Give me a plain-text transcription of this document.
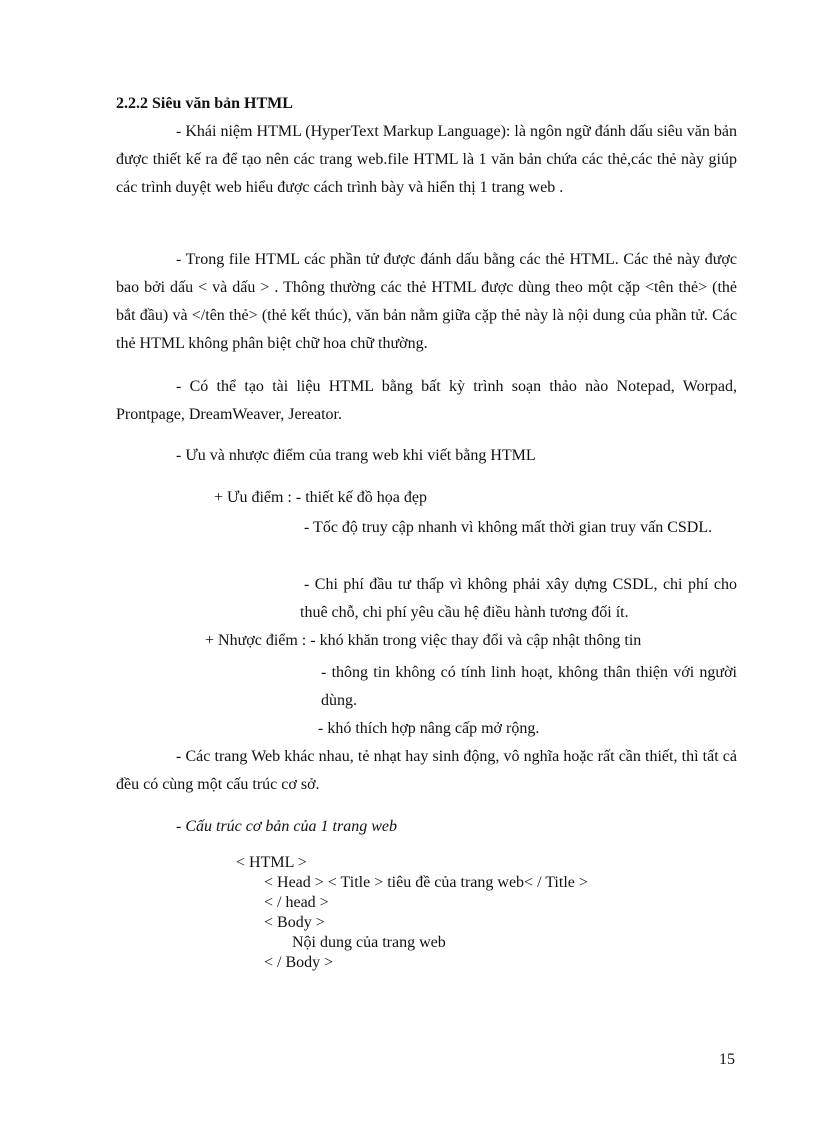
2.2.2 Siêu văn bản HTML
- Khái niệm HTML (HyperText Markup Language): là ngôn ngữ đánh dấu siêu văn bản được thiết kế ra để tạo nên các trang web.file HTML là 1 văn bản chứa các thẻ,các thẻ này giúp các trình duyệt web hiểu được cách trình bày và hiển thị 1 trang web .
- Trong file HTML các phần tử được đánh dấu bằng các thẻ HTML. Các thẻ này được bao bởi dấu < và dấu > . Thông thường các thẻ HTML được dùng theo một cặp <tên thẻ> (thẻ bắt đầu) và </tên thẻ> (thẻ kết thúc), văn bản nằm giữa cặp thẻ này là nội dung của phần tử. Các thẻ HTML không phân biệt chữ hoa chữ thường.
- Có thể tạo tài liệu HTML bằng bất kỳ trình soạn thảo nào Notepad, Worpad, Prontpage, DreamWeaver, Jereator.
- Ưu và nhược điểm của trang web khi viết bằng HTML
+ Ưu điểm : - thiết kế đồ họa đẹp
- Tốc độ truy cập nhanh vì không mất thời gian truy vấn CSDL.
- Chi phí đầu tư thấp vì không phải xây dựng CSDL, chi phí cho thuê chỗ, chi phí yêu cầu hệ điều hành tương đối ít.
+ Nhược điểm : - khó khăn trong việc thay đổi và cập nhật thông tin
- thông tin không có tính linh hoạt, không thân thiện với người dùng.
- khó thích hợp nâng cấp mở rộng.
- Các trang Web khác nhau, tẻ nhạt hay sinh động, vô nghĩa hoặc rất cần thiết, thì tất cả đều có cùng một cấu trúc cơ sở.
- Cấu trúc cơ bản của 1 trang web
< HTML >
< Head > < Title > tiêu đề của trang web< / Title >
< / head >
< Body >
Nội dung của trang web
< / Body >
15
